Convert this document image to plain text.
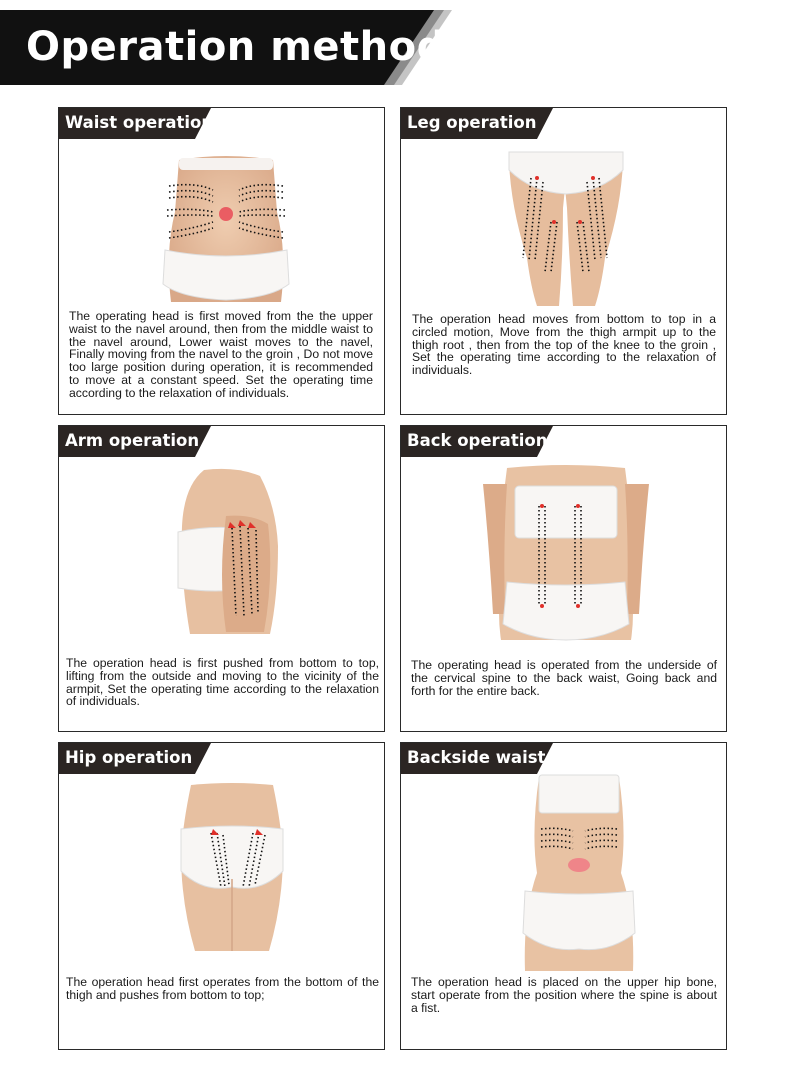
Operation method
Waist operation

The operating head is first moved from the the upper waist to the navel around, then from the middle waist to the navel around, Lower waist moves to the navel, Finally moving from the navel to the groin , Do not move too large position during operation, it is recommended to move at a constant speed. Set the operating time according to the relaxation of individuals.

Leg operation

The operation head moves from bottom to top in a circled motion, Move from the thigh armpit up to the thigh root , then from the top of the knee to the groin , Set the operating time according to the relaxation of individuals.

Arm operation

The operation head is first pushed from bottom to top, lifting from the outside and moving to the vicinity of the armpit, Set the operating time according to the relaxation of individuals.

Back operation

The operating head is operated from the underside of the cervical spine to the back waist, Going back and forth for the entire back.

Hip operation

The operation head first operates from the bottom of the thigh and pushes from bottom to top;

Backside waist

The operation head is placed on the upper hip bone, start operate from the position where the spine is about a fist.
